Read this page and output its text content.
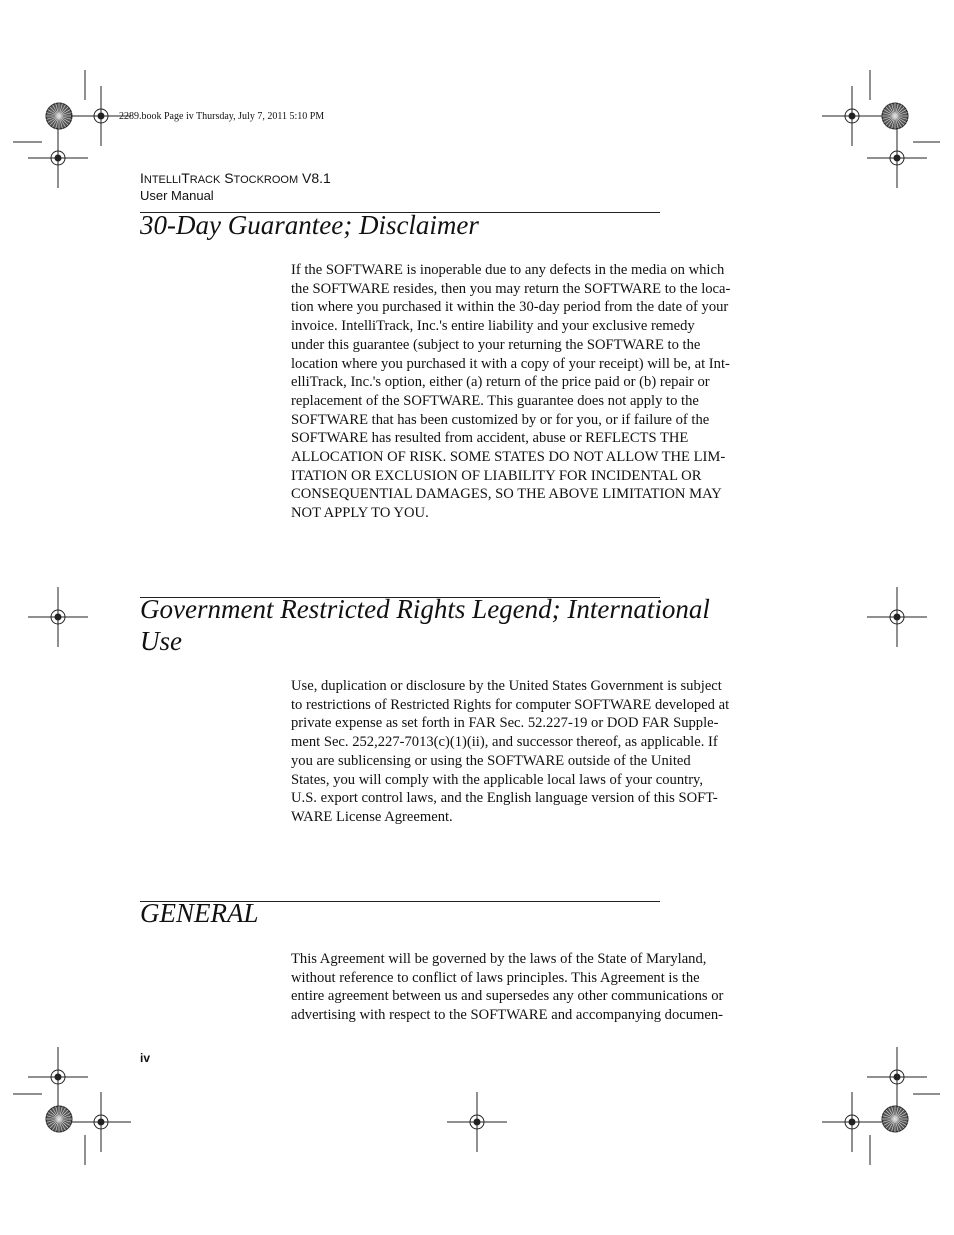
2289.book Page iv Thursday, July 7, 2011 5:10 PM
INTELLITRACK STOCKROOM V8.1
User Manual
30-Day Guarantee; Disclaimer
If the SOFTWARE is inoperable due to any defects in the media on which
the SOFTWARE resides, then you may return the SOFTWARE to the loca-
tion where you purchased it within the 30-day period from the date of your
invoice. IntelliTrack, Inc.'s entire liability and your exclusive remedy
under this guarantee (subject to your returning the SOFTWARE to the
location where you purchased it with a copy of your receipt) will be, at Int-
elliTrack, Inc.'s option, either (a) return of the price paid or (b) repair or
replacement of the SOFTWARE. This guarantee does not apply to the
SOFTWARE that has been customized by or for you, or if failure of the
SOFTWARE has resulted from accident, abuse or REFLECTS THE
ALLOCATION OF RISK. SOME STATES DO NOT ALLOW THE LIM-
ITATION OR EXCLUSION OF LIABILITY FOR INCIDENTAL OR
CONSEQUENTIAL DAMAGES, SO THE ABOVE LIMITATION MAY
NOT APPLY TO YOU.
Government Restricted Rights Legend; International Use
Use, duplication or disclosure by the United States Government is subject
to restrictions of Restricted Rights for computer SOFTWARE developed at
private expense as set forth in FAR Sec. 52.227-19 or DOD FAR Supple-
ment Sec. 252,227-7013(c)(1)(ii), and successor thereof, as applicable. If
you are sublicensing or using the SOFTWARE outside of the United
States, you will comply with the applicable local laws of your country,
U.S. export control laws, and the English language version of this SOFT-
WARE License Agreement.
GENERAL
This Agreement will be governed by the laws of the State of Maryland,
without reference to conflict of laws principles. This Agreement is the
entire agreement between us and supersedes any other communications or
advertising with respect to the SOFTWARE and accompanying documen-
iv
